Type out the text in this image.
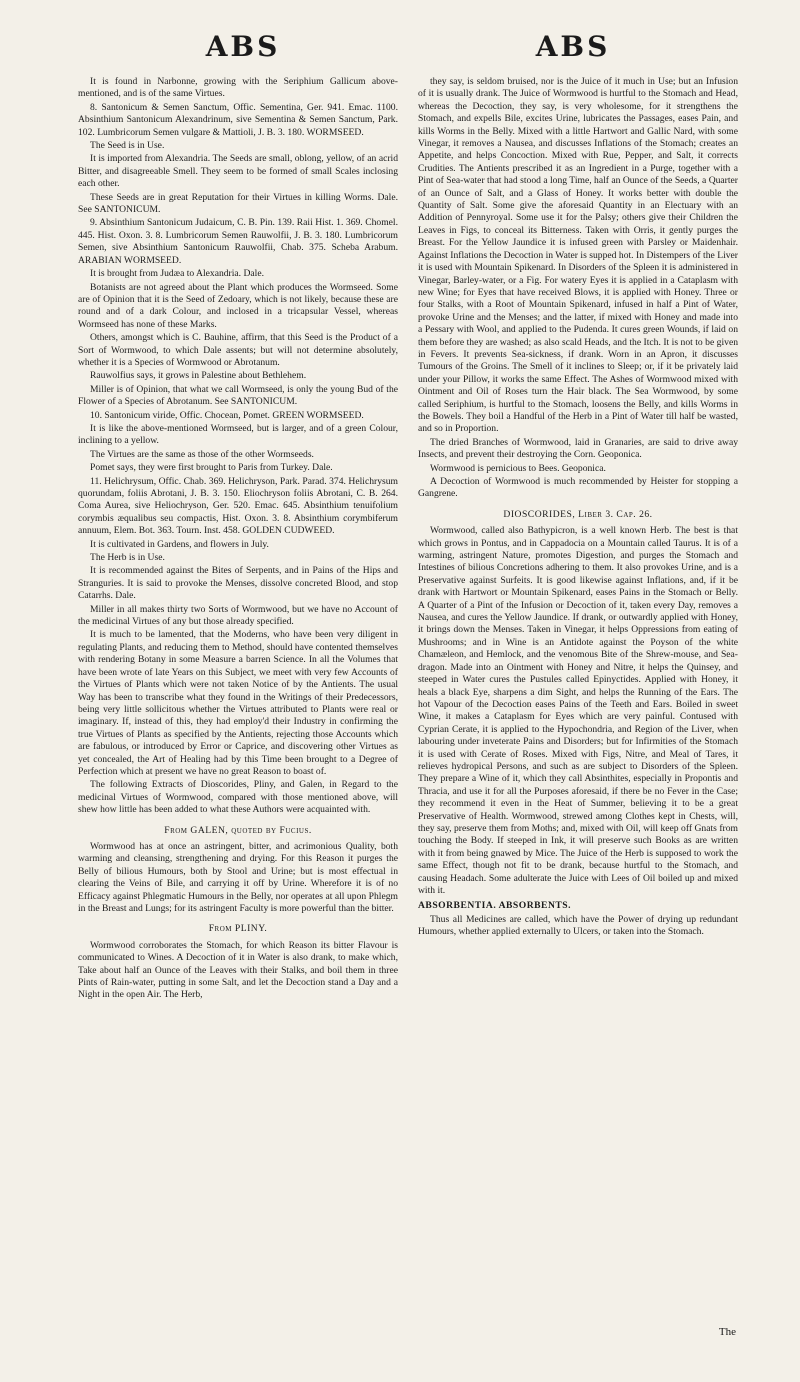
ABS	ABS

It is found in Narbonne, growing with the Seriphium Gallicum above-mentioned, and is of the same Virtues.

8. Santonicum & Semen Sanctum, Offic. Sementina, Ger. 941. Emac. 1100. Absinthium Santonicum Alexandrinum, sive Sementina & Semen Sanctum, Park. 102. Lumbricorum Semen vulgare & Mattioli, J. B. 3. 180. WORMSEED.

The Seed is in Use.

It is imported from Alexandria. The Seeds are small, oblong, yellow, of an acrid Bitter, and disagreeable Smell. They seem to be formed of small Scales inclosing each other.

These Seeds are in great Reputation for their Virtues in killing Worms. Dale. See SANTONICUM.

9. Absinthium Santonicum Judaicum, C. B. Pin. 139. Raii Hist. 1. 369. Chomel. 445. Hist. Oxon. 3. 8. Lumbricorum Semen Rauwolfii, J. B. 3. 180. Lumbricorum Semen, sive Absinthium Santonicum Rauwolfii, Chab. 375. Scheba Arabum. ARABIAN WORMSEED.

It is brought from Judæa to Alexandria. Dale.

Botanists are not agreed about the Plant which produces the Wormseed. Some are of Opinion that it is the Seed of Zedoary, which is not likely, because these are round and of a dark Colour, and inclosed in a tricapsular Vessel, whereas Wormseed has none of these Marks.

Others, amongst which is C. Bauhine, affirm, that this Seed is the Product of a Sort of Wormwood, to which Dale assents; but will not determine absolutely, whether it is a Species of Wormwood or Abrotanum.

Rauwolfius says, it grows in Palestine about Bethlehem.

Miller is of Opinion, that what we call Wormseed, is only the young Bud of the Flower of a Species of Abrotanum. See SANTONICUM.

10. Santonicum viride, Offic. Chocean, Pomet. GREEN WORMSEED.

It is like the above-mentioned Wormseed, but is larger, and of a green Colour, inclining to a yellow.

The Virtues are the same as those of the other Wormseeds.

Pomet says, they were first brought to Paris from Turkey. Dale.

11. Helichrysum, Offic. Chab. 369. Helichryson, Park. Parad. 374. Helichrysum quorundam, foliis Abrotani, J. B. 3. 150. Eliochryson foliis Abrotani, C. B. 264. Coma Aurea, sive Heliochryson, Ger. 520. Emac. 645. Absinthium tenuifolium corymbis æqualibus seu compactis, Hist. Oxon. 3. 8. Absinthium corymbiferum annuum, Elem. Bot. 363. Tourn. Inst. 458. GOLDEN CUDWEED.

It is cultivated in Gardens, and flowers in July.

The Herb is in Use.

It is recommended against the Bites of Serpents, and in Pains of the Hips and Stranguries. It is said to provoke the Menses, dissolve concreted Blood, and stop Catarrhs. Dale.

Miller in all makes thirty two Sorts of Wormwood, but we have no Account of the medicinal Virtues of any but those already specified.

It is much to be lamented, that the Moderns, who have been very diligent in regulating Plants, and reducing them to Method, should have contented themselves with rendering Botany in some Measure a barren Science. In all the Volumes that have been wrote of late Years on this Subject, we meet with very few Accounts of the Virtues of Plants which were not taken Notice of by the Antients. The usual Way has been to transcribe what they found in the Writings of their Predecessors, being very little sollicitous whether the Virtues attributed to Plants were real or imaginary. If, instead of this, they had employ'd their Industry in confirming the true Virtues of Plants as specified by the Antients, rejecting those Accounts which are fabulous, or introduced by Error or Caprice, and discovering other Virtues as yet concealed, the Art of Healing had by this Time been brought to a Degree of Perfection which at present we have no great Reason to boast of.

The following Extracts of Dioscorides, Pliny, and Galen, in Regard to the medicinal Virtues of Wormwood, compared with those mentioned above, will shew how little has been added to what these Authors were acquainted with.

From GALEN, quoted by Fucius.

Wormwood has at once an astringent, bitter, and acrimonious Quality, both warming and cleansing, strengthening and drying. For this Reason it purges the Belly of bilious Humours, both by Stool and Urine; but is most effectual in clearing the Veins of Bile, and carrying it off by Urine. Wherefore it is of no Efficacy against Phlegmatic Humours in the Belly, nor operates at all upon Phlegm in the Breast and Lungs; for its astringent Faculty is more powerful than the bitter.

From PLINY.

Wormwood corroborates the Stomach, for which Reason its bitter Flavour is communicated to Wines. A Decoction of it in Water is also drank, to make which, Take about half an Ounce of the Leaves with their Stalks, and boil them in three Pints of Rain-water, putting in some Salt, and let the Decoction stand a Day and a Night in the open Air. The Herb,

they say, is seldom bruised, nor is the Juice of it much in Use; but an Infusion of it is usually drank. The Juice of Wormwood is hurtful to the Stomach and Head, whereas the Decoction, they say, is very wholesome, for it strengthens the Stomach, and expells Bile, excites Urine, lubricates the Passages, eases Pain, and kills Worms in the Belly. Mixed with a little Hartwort and Gallic Nard, with some Vinegar, it removes a Nausea, and discusses Inflations of the Stomach; creates an Appetite, and helps Concoction. Mixed with Rue, Pepper, and Salt, it corrects Crudities. The Antients prescribed it as an Ingredient in a Purge, together with a Pint of Sea-water that had stood a long Time, half an Ounce of the Seeds, a Quarter of an Ounce of Salt, and a Glass of Honey. It works better with double the Quantity of Salt. Some give the aforesaid Quantity in an Electuary with an Addition of Pennyroyal. Some use it for the Palsy; others give their Children the Leaves in Figs, to conceal its Bitterness. Taken with Orris, it gently purges the Breast. For the Yellow Jaundice it is infused green with Parsley or Maidenhair. Against Inflations the Decoction in Water is supped hot. In Distempers of the Liver it is used with Mountain Spikenard. In Disorders of the Spleen it is administered in Vinegar, Barley-water, or a Fig. For watery Eyes it is applied in a Cataplasm with new Wine; for Eyes that have received Blows, it is applied with Honey. Three or four Stalks, with a Root of Mountain Spikenard, infused in half a Pint of Water, provoke Urine and the Menses; and the latter, if mixed with Honey and made into a Pessary with Wool, and applied to the Pudenda. It cures green Wounds, if laid on them before they are washed; as also scald Heads, and the Itch. It is not to be given in Fevers. It prevents Sea-sickness, if drank. Worn in an Apron, it discusses Tumours of the Groins. The Smell of it inclines to Sleep; or, if it be privately laid under your Pillow, it works the same Effect. The Ashes of Wormwood mixed with Ointment and Oil of Roses turn the Hair black. The Sea Wormwood, by some called Seriphium, is hurtful to the Stomach, loosens the Belly, and kills Worms in the Bowels. They boil a Handful of the Herb in a Pint of Water till half be wasted, and so in Proportion.

The dried Branches of Wormwood, laid in Granaries, are said to drive away Insects, and prevent their destroying the Corn. Geoponica.

Wormwood is pernicious to Bees. Geoponica.

A Decoction of Wormwood is much recommended by Heister for stopping a Gangrene.

DIOSCORIDES, Liber 3. Cap. 26.

Wormwood, called also Bathypicron, is a well known Herb. The best is that which grows in Pontus, and in Cappadocia on a Mountain called Taurus. It is of a warming, astringent Nature, promotes Digestion, and purges the Stomach and Intestines of bilious Concretions adhering to them. It also provokes Urine, and is a Preservative against Surfeits. It is good likewise against Inflations, and, if it be drank with Hartwort or Mountain Spikenard, eases Pains in the Stomach or Belly. A Quarter of a Pint of the Infusion or Decoction of it, taken every Day, removes a Nausea, and cures the Yellow Jaundice. If drank, or outwardly applied with Honey, it brings down the Menses. Taken in Vinegar, it helps Oppressions from eating of Mushrooms; and in Wine is an Antidote against the Poyson of the white Chamæleon, and Hemlock, and the venomous Bite of the Shrew-mouse, and Sea-dragon. Made into an Ointment with Honey and Nitre, it helps the Quinsey, and steeped in Water cures the Pustules called Epinyctides. Applied with Honey, it heals a black Eye, sharpens a dim Sight, and helps the Running of the Ears. The hot Vapour of the Decoction eases Pains of the Teeth and Ears. Boiled in sweet Wine, it makes a Cataplasm for Eyes which are very painful. Contused with Cyprian Cerate, it is applied to the Hypochondria, and Region of the Liver, when labouring under inveterate Pains and Disorders; but for Infirmities of the Stomach it is used with Cerate of Roses. Mixed with Figs, Nitre, and Meal of Tares, it relieves hydropical Persons, and such as are subject to Disorders of the Spleen. They prepare a Wine of it, which they call Absinthites, especially in Propontis and Thracia, and use it for all the Purposes aforesaid, if there be no Fever in the Case; they recommend it even in the Heat of Summer, believing it to be a great Preservative of Health. Wormwood, strewed among Clothes kept in Chests, will, they say, preserve them from Moths; and, mixed with Oil, will keep off Gnats from touching the Body. If steeped in Ink, it will preserve such Books as are written with it from being gnawed by Mice. The Juice of the Herb is supposed to work the same Effect, though not fit to be drank, because hurtful to the Stomach, and causing Headach. Some adulterate the Juice with Lees of Oil boiled up and mixed with it.

ABSORBENTIA. ABSORBENTS.

Thus all Medicines are called, which have the Power of drying up redundant Humours, whether applied externally to Ulcers, or taken into the Stomach.

The
